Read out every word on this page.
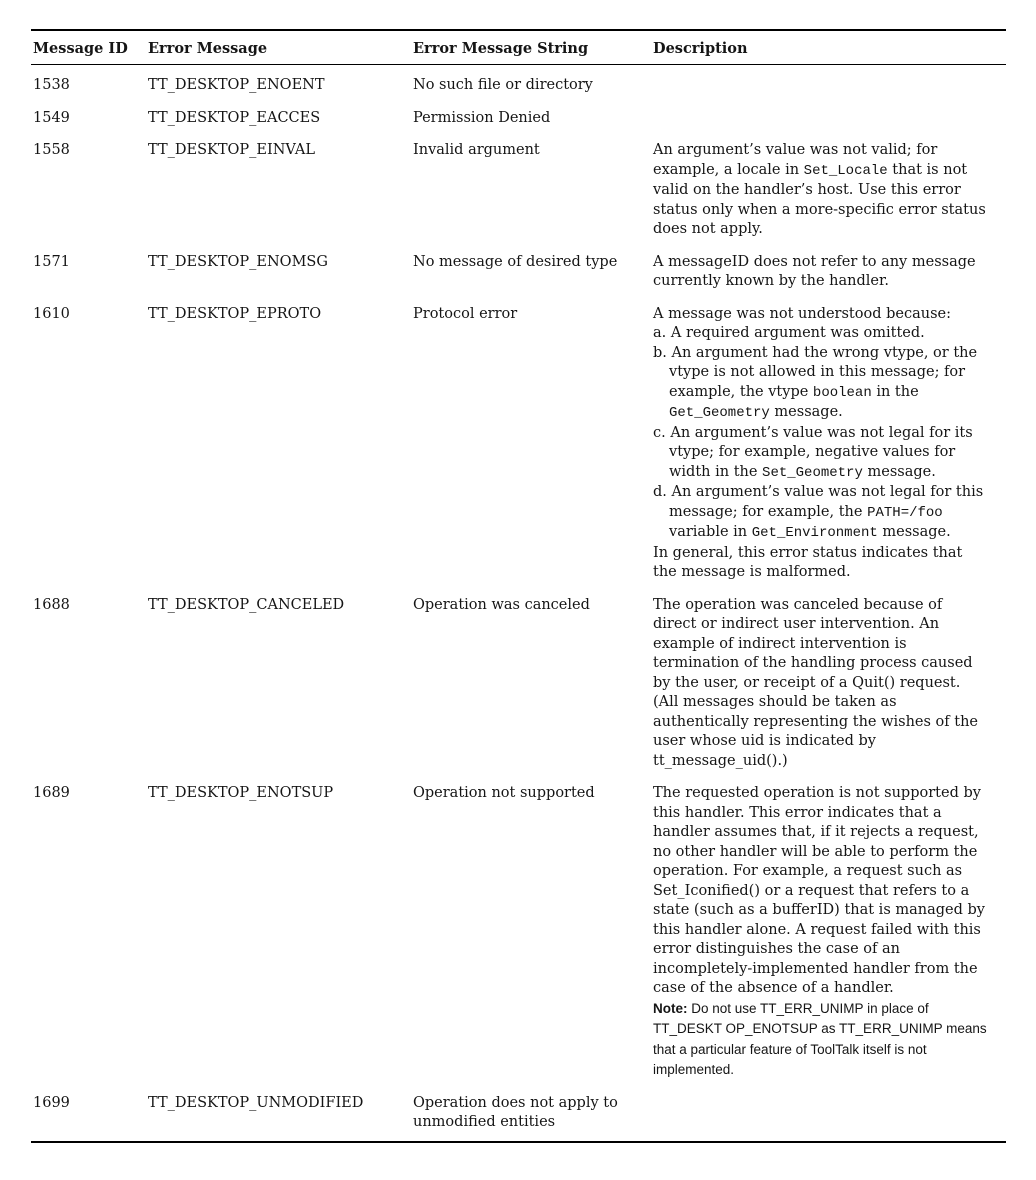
Message ID	Error Message	Error Message String	Description
1538	TT_DESKTOP_ENOENT	No such file or directory
1549	TT_DESKTOP_EACCES	Permission Denied
1558	TT_DESKTOP_EINVAL	Invalid argument	An argument’s value was not valid; for example, a locale in Set_Locale that is not valid on the handler’s host. Use this error status only when a more-specific error status does not apply.
1571	TT_DESKTOP_ENOMSG	No message of desired type	A messageID does not refer to any message currently known by the handler.
1610	TT_DESKTOP_EPROTO	Protocol error	A message was not understood because:
a. A required argument was omitted.
b. An argument had the wrong vtype, or the vtype is not allowed in this message; for example, the vtype boolean in the Get_Geometry message.
c. An argument’s value was not legal for its vtype; for example, negative values for width in the Set_Geometry message.
d. An argument’s value was not legal for this message; for example, the PATH=/foo variable in Get_Environment message.
In general, this error status indicates that the message is malformed.
1688	TT_DESKTOP_CANCELED	Operation was canceled	The operation was canceled because of direct or indirect user intervention. An example of indirect intervention is termination of the handling process caused by the user, or receipt of a Quit() request. (All messages should be taken as authentically representing the wishes of the user whose uid is indicated by tt_message_uid().)
1689	TT_DESKTOP_ENOTSUP	Operation not supported	The requested operation is not supported by this handler. This error indicates that a handler assumes that, if it rejects a request, no other handler will be able to perform the operation. For example, a request such as Set_Iconified() or a request that refers to a state (such as a bufferID) that is managed by this handler alone. A request failed with this error distinguishes the case of an incompletely-implemented handler from the case of the absence of a handler.
Note: Do not use TT_ERR_UNIMP in place of TT_DESKT OP_ENOTSUP as TT_ERR_UNIMP means that a particular feature of ToolTalk itself is not implemented.
1699	TT_DESKTOP_UNMODIFIED	Operation does not apply to unmodified entities
